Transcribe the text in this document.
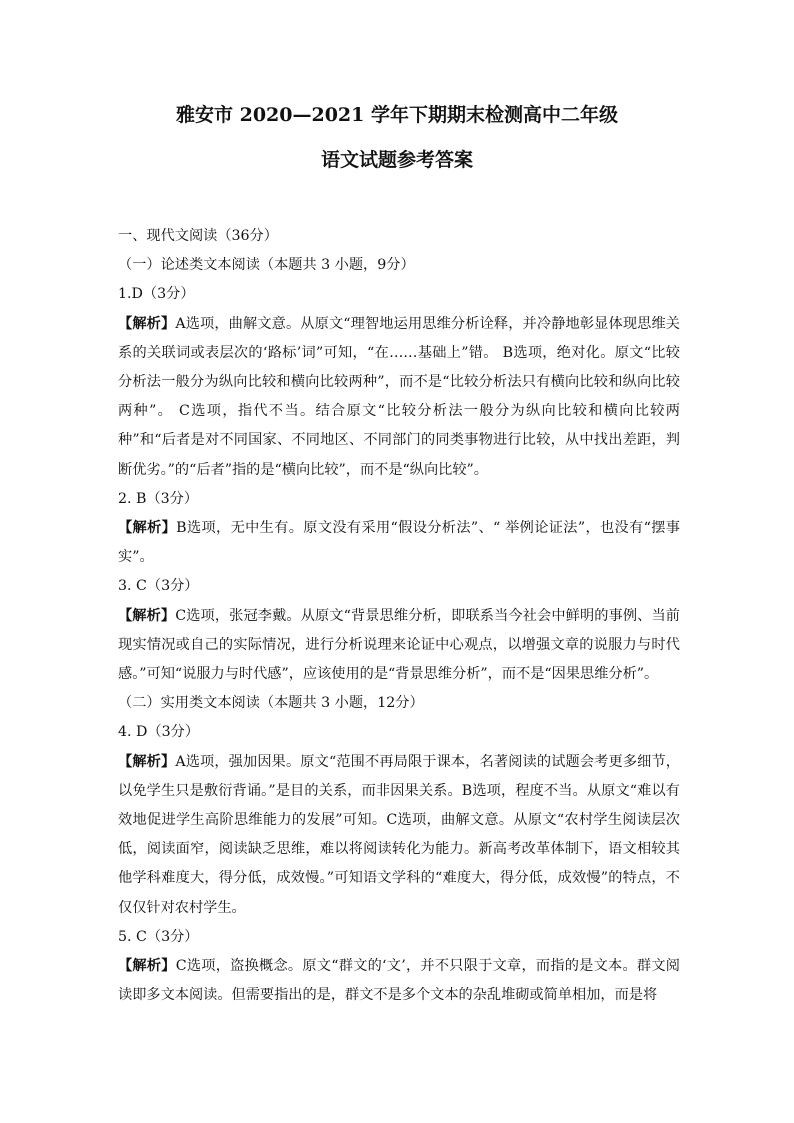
雅安市 2020—2021 学年下期期末检测高中二年级
语文试题参考答案

一、现代文阅读（36分）

（一）论述类文本阅读（本题共 3 小题，9分）

1.D（3分）

【解析】A选项，曲解文意。从原文“理智地运用思维分析诠释，并冷静地彰显体现思维关系的关联词或表层次的‘路标’词”可知，“在……基础上”错。 B选项，绝对化。原文“比较分析法一般分为纵向比较和横向比较两种”，而不是“比较分析法只有横向比较和纵向比较两种”。 C选项，指代不当。结合原文“比较分析法一般分为纵向比较和横向比较两种”和“后者是对不同国家、不同地区、不同部门的同类事物进行比较，从中找出差距，判断优劣。”的“后者”指的是“横向比较”，而不是“纵向比较”。

2. B（3分）

【解析】B选项，无中生有。原文没有采用“假设分析法”、“ 举例论证法”，也没有“摆事实”。

3. C（3分）

【解析】C选项，张冠李戴。从原文“背景思维分析，即联系当今社会中鲜明的事例、当前现实情况或自己的实际情况，进行分析说理来论证中心观点，以增强文章的说服力与时代感。”可知“说服力与时代感”，应该使用的是“背景思维分析”，而不是“因果思维分析”。

（二）实用类文本阅读（本题共 3 小题，12分）

4. D（3分）

【解析】A选项，强加因果。原文“范围不再局限于课本，名著阅读的试题会考更多细节，以免学生只是敷衍背诵。”是目的关系，而非因果关系。B选项，程度不当。从原文“难以有效地促进学生高阶思维能力的发展”可知。C选项，曲解文意。从原文“农村学生阅读层次低，阅读面窄，阅读缺乏思维，难以将阅读转化为能力。新高考改革体制下，语文相较其他学科难度大，得分低，成效慢。”可知语文学科的“难度大，得分低，成效慢”的特点，不仅仅针对农村学生。

5. C（3分）

【解析】C选项，盗换概念。原文“群文的‘文’，并不只限于文章，而指的是文本。群文阅读即多文本阅读。但需要指出的是，群文不是多个文本的杂乱堆砌或简单相加，而是将
